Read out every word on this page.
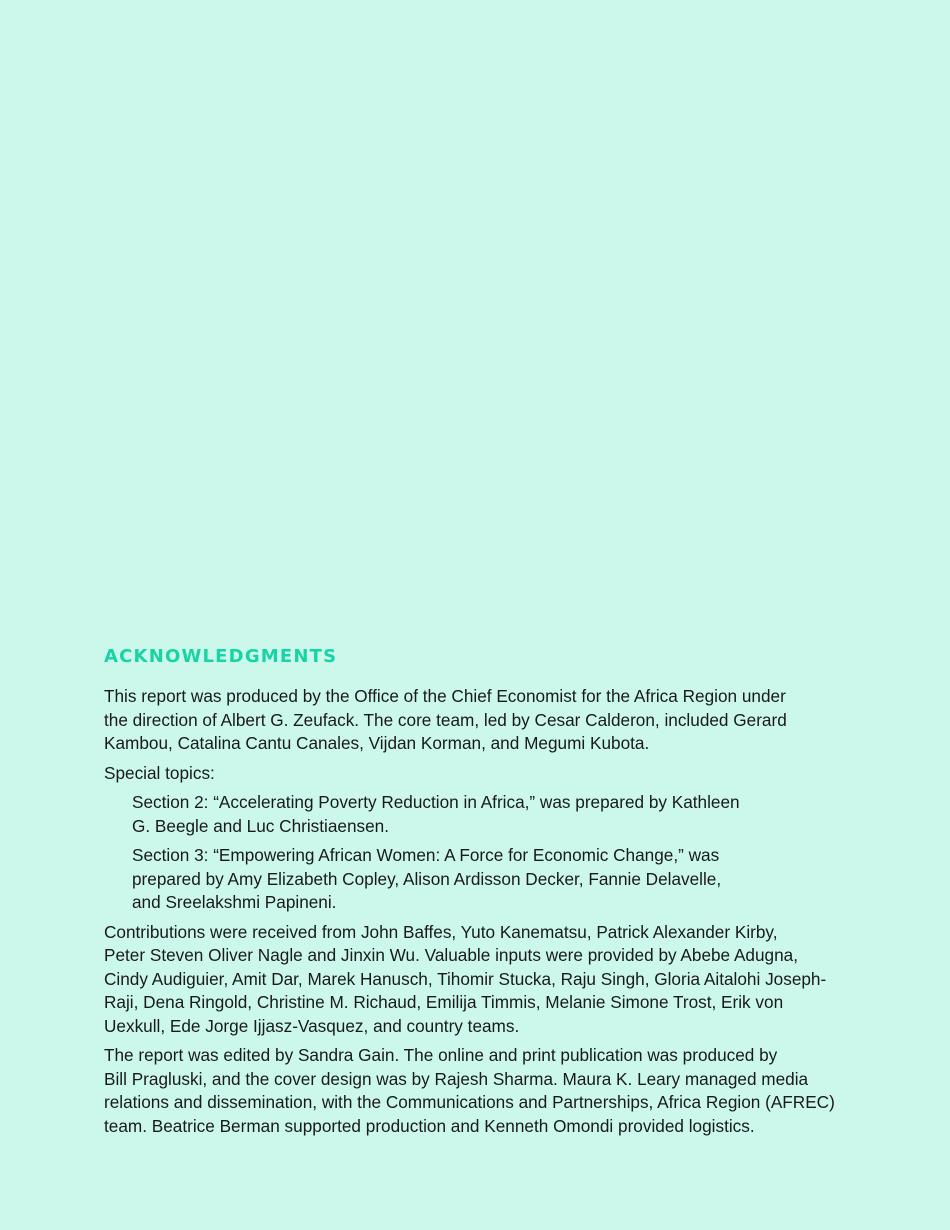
ACKNOWLEDGMENTS

This report was produced by the Office of the Chief Economist for the Africa Region under
the direction of Albert G. Zeufack. The core team, led by Cesar Calderon, included Gerard
Kambou, Catalina Cantu Canales, Vijdan Korman, and Megumi Kubota.

Special topics:

Section 2: “Accelerating Poverty Reduction in Africa,” was prepared by Kathleen
G. Beegle and Luc Christiaensen.

Section 3: “Empowering African Women: A Force for Economic Change,” was
prepared by Amy Elizabeth Copley, Alison Ardisson Decker, Fannie Delavelle,
and Sreelakshmi Papineni.

Contributions were received from John Baffes, Yuto Kanematsu, Patrick Alexander Kirby,
Peter Steven Oliver Nagle and Jinxin Wu. Valuable inputs were provided by Abebe Adugna,
Cindy Audiguier, Amit Dar, Marek Hanusch, Tihomir Stucka, Raju Singh, Gloria Aitalohi Joseph-
Raji, Dena Ringold, Christine M. Richaud, Emilija Timmis, Melanie Simone Trost, Erik von
Uexkull, Ede Jorge Ijjasz-Vasquez, and country teams.

The report was edited by Sandra Gain. The online and print publication was produced by
Bill Pragluski, and the cover design was by Rajesh Sharma. Maura K. Leary managed media
relations and dissemination, with the Communications and Partnerships, Africa Region (AFREC)
team. Beatrice Berman supported production and Kenneth Omondi provided logistics.
